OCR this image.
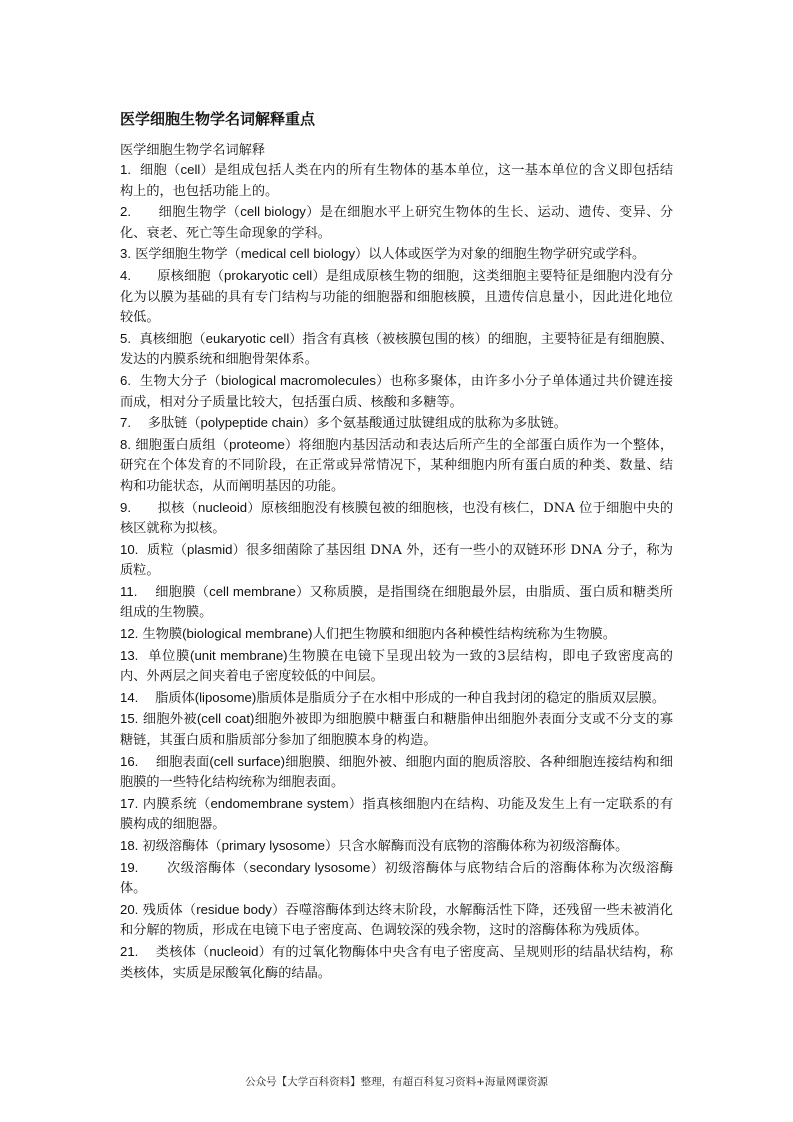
医学细胞生物学名词解释重点
医学细胞生物学名词解释

1. 细胞（cell）是组成包括人类在内的所有生物体的基本单位，这一基本单位的含义即包括结构上的，也包括功能上的。

2. 细胞生物学（cell biology）是在细胞水平上研究生物体的生长、运动、遗传、变异、分化、衰老、死亡等生命现象的学科。

3. 医学细胞生物学（medical cell biology）以人体或医学为对象的细胞生物学研究或学科。

4. 原核细胞（prokaryotic cell）是组成原核生物的细胞，这类细胞主要特征是细胞内没有分化为以膜为基础的具有专门结构与功能的细胞器和细胞核膜，且遗传信息量小，因此进化地位较低。

5. 真核细胞（eukaryotic cell）指含有真核（被核膜包围的核）的细胞，主要特征是有细胞膜、发达的内膜系统和细胞骨架体系。

6. 生物大分子（biological macromolecules）也称多聚体，由许多小分子单体通过共价键连接而成，相对分子质量比较大，包括蛋白质、核酸和多糖等。

7. 多肽链（polypeptide chain）多个氨基酸通过肽键组成的肽称为多肽链。

8. 细胞蛋白质组（proteome）将细胞内基因活动和表达后所产生的全部蛋白质作为一个整体，研究在个体发育的不同阶段，在正常或异常情况下，某种细胞内所有蛋白质的种类、数量、结构和功能状态，从而阐明基因的功能。

9. 拟核（nucleoid）原核细胞没有核膜包被的细胞核，也没有核仁，DNA 位于细胞中央的核区就称为拟核。

10. 质粒（plasmid）很多细菌除了基因组 DNA 外，还有一些小的双链环形 DNA 分子，称为质粒。

11. 细胞膜（cell membrane）又称质膜，是指围绕在细胞最外层，由脂质、蛋白质和糖类所组成的生物膜。

12. 生物膜(biological membrane)人们把生物膜和细胞内各种模性结构统称为生物膜。

13. 单位膜(unit membrane)生物膜在电镜下呈现出较为一致的3层结构，即电子致密度高的内、外两层之间夹着电子密度较低的中间层。

14. 脂质体(liposome)脂质体是脂质分子在水相中形成的一种自我封闭的稳定的脂质双层膜。

15. 细胞外被(cell coat)细胞外被即为细胞膜中糖蛋白和糖脂伸出细胞外表面分支或不分支的寡糖链，其蛋白质和脂质部分参加了细胞膜本身的构造。

16. 细胞表面(cell surface)细胞膜、细胞外被、细胞内面的胞质溶胶、各种细胞连接结构和细胞膜的一些特化结构统称为细胞表面。

17. 内膜系统（endomembrane system）指真核细胞内在结构、功能及发生上有一定联系的有膜构成的细胞器。

18. 初级溶酶体（primary lysosome）只含水解酶而没有底物的溶酶体称为初级溶酶体。

19. 次级溶酶体（secondary lysosome）初级溶酶体与底物结合后的溶酶体称为次级溶酶体。

20. 残质体（residue body）吞噬溶酶体到达终末阶段，水解酶活性下降，还残留一些未被消化和分解的物质，形成在电镜下电子密度高、色调较深的残余物，这时的溶酶体称为残质体。

21. 类核体（nucleoid）有的过氧化物酶体中央含有电子密度高、呈规则形的结晶状结构，称类核体，实质是尿酸氧化酶的结晶。

公众号【大学百科资料】整理，有超百科复习资料+海量网课资源
